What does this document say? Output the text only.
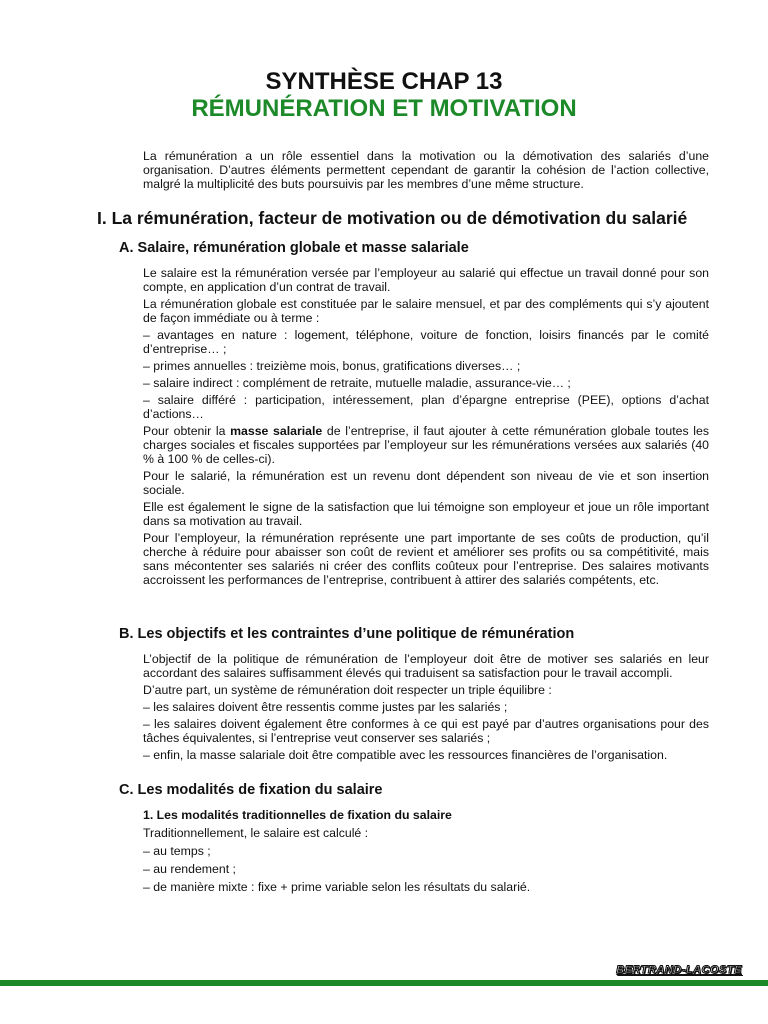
SYNTHÈSE CHAP 13
RÉMUNÉRATION ET MOTIVATION

La rémunération a un rôle essentiel dans la motivation ou la démotivation des salariés d’une organisation. D’autres éléments permettent cependant de garantir la cohésion de l’action collective, malgré la multiplicité des buts poursuivis par les membres d’une même structure.

I. La rémunération, facteur de motivation ou de démotivation du salarié
A. Salaire, rémunération globale et masse salariale

Le salaire est la rémunération versée par l’employeur au salarié qui effectue un travail donné pour son compte, en application d’un contrat de travail.

La rémunération globale est constituée par le salaire mensuel, et par des compléments qui s’y ajoutent de façon immédiate ou à terme :

– avantages en nature : logement, téléphone, voiture de fonction, loisirs financés par le comité d’entreprise… ;

– primes annuelles : treizième mois, bonus, gratifications diverses… ;

– salaire indirect : complément de retraite, mutuelle maladie, assurance-vie… ;

– salaire différé : participation, intéressement, plan d’épargne entreprise (PEE), options d’achat d’actions…

Pour obtenir la masse salariale de l’entreprise, il faut ajouter à cette rémunération globale toutes les charges sociales et fiscales supportées par l’employeur sur les rémunérations versées aux salariés (40 % à 100 % de celles-ci).

Pour le salarié, la rémunération est un revenu dont dépendent son niveau de vie et son insertion sociale.

Elle est également le signe de la satisfaction que lui témoigne son employeur et joue un rôle important dans sa motivation au travail.

Pour l’employeur, la rémunération représente une part importante de ses coûts de production, qu’il cherche à réduire pour abaisser son coût de revient et améliorer ses profits ou sa compétitivité, mais sans mécontenter ses salariés ni créer des conflits coûteux pour l’entreprise. Des salaires motivants accroissent les performances de l’entreprise, contribuent à attirer des salariés compétents, etc.

B. Les objectifs et les contraintes d’une politique de rémunération

L’objectif de la politique de rémunération de l’employeur doit être de motiver ses salariés en leur accordant des salaires suffisamment élevés qui traduisent sa satisfaction pour le travail accompli.

D’autre part, un système de rémunération doit respecter un triple équilibre :

– les salaires doivent être ressentis comme justes par les salariés ;

– les salaires doivent également être conformes à ce qui est payé par d’autres organisations pour des tâches équivalentes, si l’entreprise veut conserver ses salariés ;

– enfin, la masse salariale doit être compatible avec les ressources financières de l’organisation.

C. Les modalités de fixation du salaire
1. Les modalités traditionnelles de fixation du salaire

Traditionnellement, le salaire est calculé :

– au temps ;

– au rendement ;

– de manière mixte : fixe + prime variable selon les résultats du salarié.

BERTRAND-LACOSTE
